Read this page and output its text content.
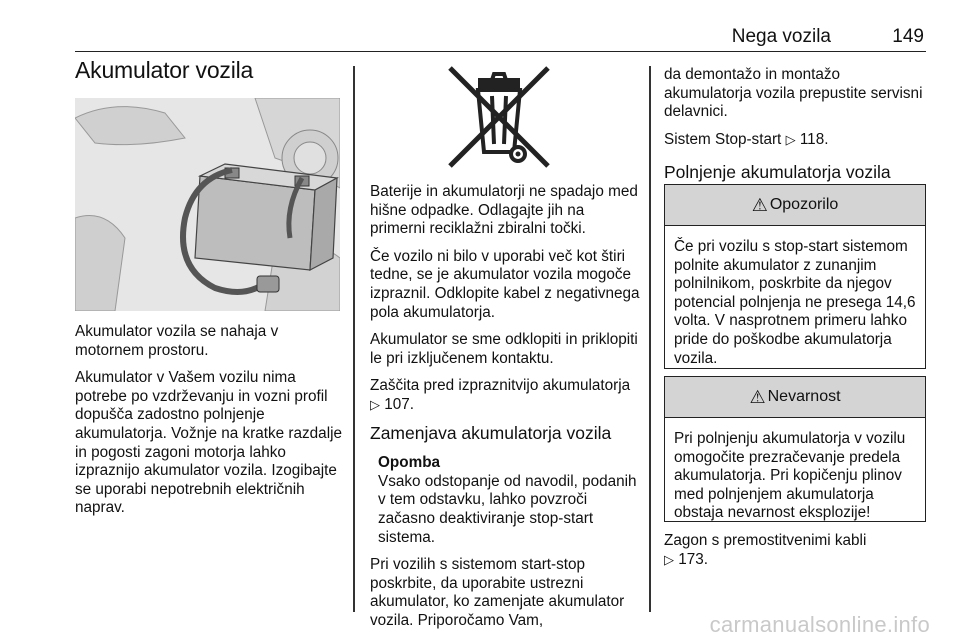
Nega vozila	149
Akumulator vozila

Akumulator vozila se nahaja v motornem prostoru.

Akumulator v Vašem vozilu nima potrebe po vzdrževanju in vozni profil dopušča zadostno polnjenje akumulatorja. Vožnje na kratke razdalje in pogosti zagoni motorja lahko izpraznijo akumulator vozila. Izogibajte se uporabi nepotrebnih električnih naprav.

Baterije in akumulatorji ne spadajo med hišne odpadke. Odlagajte jih na primerni reciklažni zbiralni točki.

Če vozilo ni bilo v uporabi več kot štiri tedne, se je akumulator vozila mogoče izpraznil. Odklopite kabel z negativnega pola akumulatorja.

Akumulator se sme odklopiti in priklopiti le pri izključenem kontaktu.

Zaščita pred izpraznitvijo akumulatorja ▷ 107.

Zamenjava akumulatorja vozila
Opomba
Vsako odstopanje od navodil, podanih v tem odstavku, lahko povzroči začasno deaktiviranje stop-start sistema.

Pri vozilih s sistemom start-stop poskrbite, da uporabite ustrezni akumulator, ko zamenjate akumulator vozila. Priporočamo Vam,

da demontažo in montažo akumulatorja vozila prepustite servisni delavnici.

Sistem Stop-start ▷ 118.

Polnjenje akumulatorja vozila
⚠ Opozorilo
Če pri vozilu s stop-start sistemom polnite akumulator z zunanjim polnilnikom, poskrbite da njegov potencial polnjenja ne presega 14,6 volta. V nasprotnem primeru lahko pride do poškodbe akumulatorja vozila.
⚠ Nevarnost
Pri polnjenju akumulatorja v vozilu omogočite prezračevanje predela akumulatorja. Pri kopičenju plinov med polnjenjem akumulatorja obstaja nevarnost eksplozije!

Zagon s premostitvenimi kabli
▷ 173.

carmanualsonline.info
